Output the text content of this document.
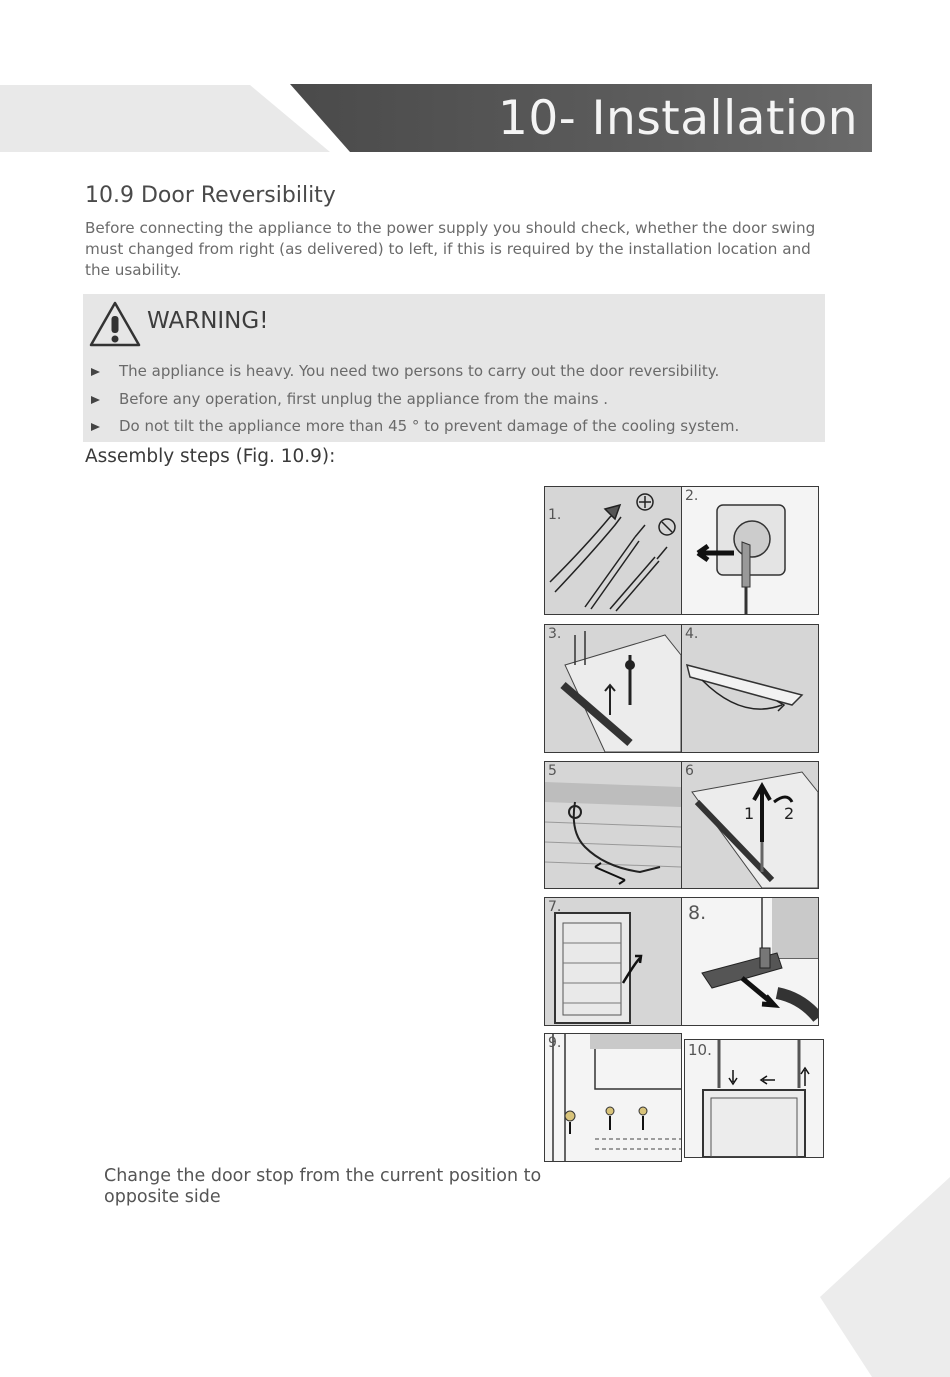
10- Installation
10.9 Door Reversibility
Before connecting the appliance to the power supply you should check, whether the door swing must changed from right (as delivered) to left, if this is required by the installation location and the usability.
WARNING!
The appliance is heavy. You need two persons to carry out the door reversibility.
Before any operation, first unplug the appliance from the mains .
Do not tilt the appliance more than 45 ° to prevent damage of the cooling system.
Assembly steps (Fig. 10.9):
1.
2.
3.	4.
5	6
1 2
7.	8.
9.	10.
Change the door stop from the current position to opposite side
